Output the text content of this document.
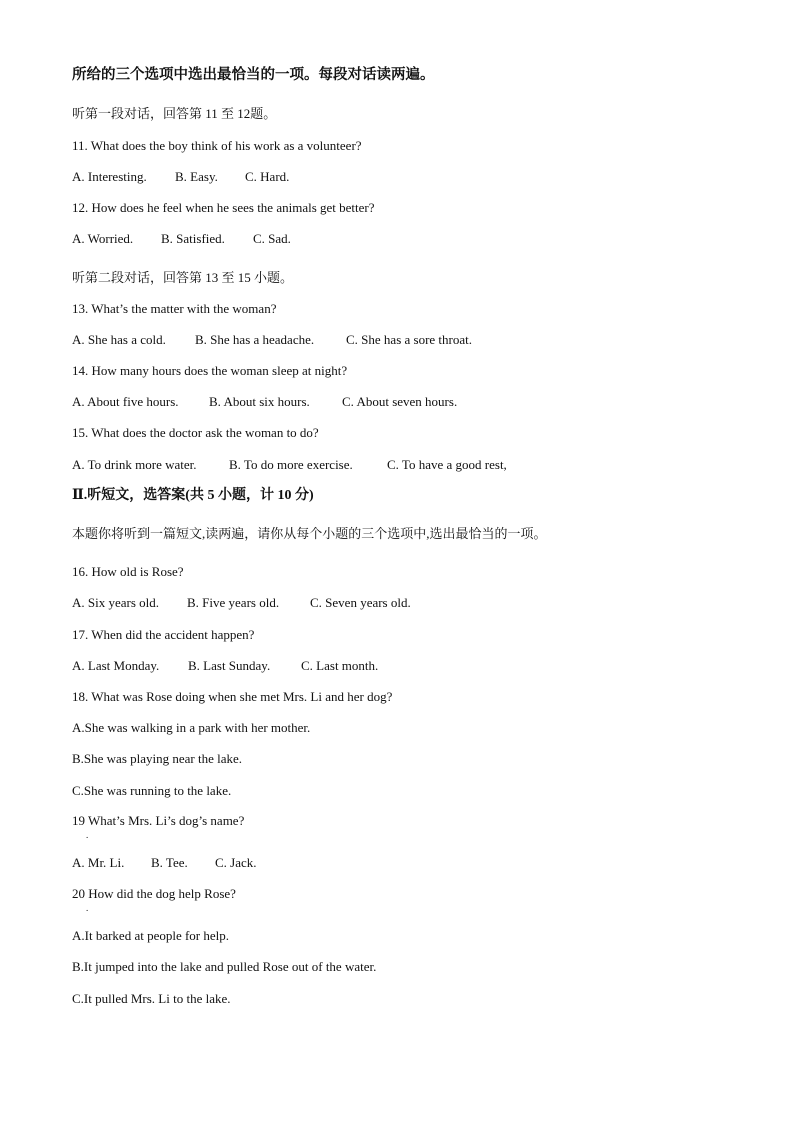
所给的三个选项中选出最恰当的一项。每段对话读两遍。
听第一段对话，回答第 11 至 12题。
11. What does the boy think of his work as a volunteer?
A. Interesting. B. Easy. C. Hard.
12. How does he feel when he sees the animals get better?
A. Worried. B. Satisfied. C. Sad.
听第二段对话，回答第 13 至 15 小题。
13. What’s the matter with the woman?
A. She has a cold. B. She has a headache. C. She has a sore throat.
14. How many hours does the woman sleep at night?
A. About five hours. B. About six hours. C. About seven hours.
15. What does the doctor ask the woman to do?
A. To drink more water.	B. To do more exercise.	C. To have a good rest,
Ⅱ.听短文，选答案(共 5 小题，计 10 分)
本题你将听到一篇短文,读两遍，请你从每个小题的三个选项中,选出最恰当的一项。
16. How old is Rose?
A. Six years old. B. Five years old. C. Seven years old.
17. When did the accident happen?
A. Last Monday. B. Last Sunday. C. Last month.
18. What was Rose doing when she met Mrs. Li and her dog?
A.She was walking in a park with her mother.
B.She was playing near the lake.
C.She was running to the lake.
19 What’s Mrs. Li’s dog’s name?
.
A. Mr. Li. B. Tee. C. Jack.
20 How did the dog help Rose?
.
A.It barked at people for help.
B.It jumped into the lake and pulled Rose out of the water.
C.It pulled Mrs. Li to the lake.
